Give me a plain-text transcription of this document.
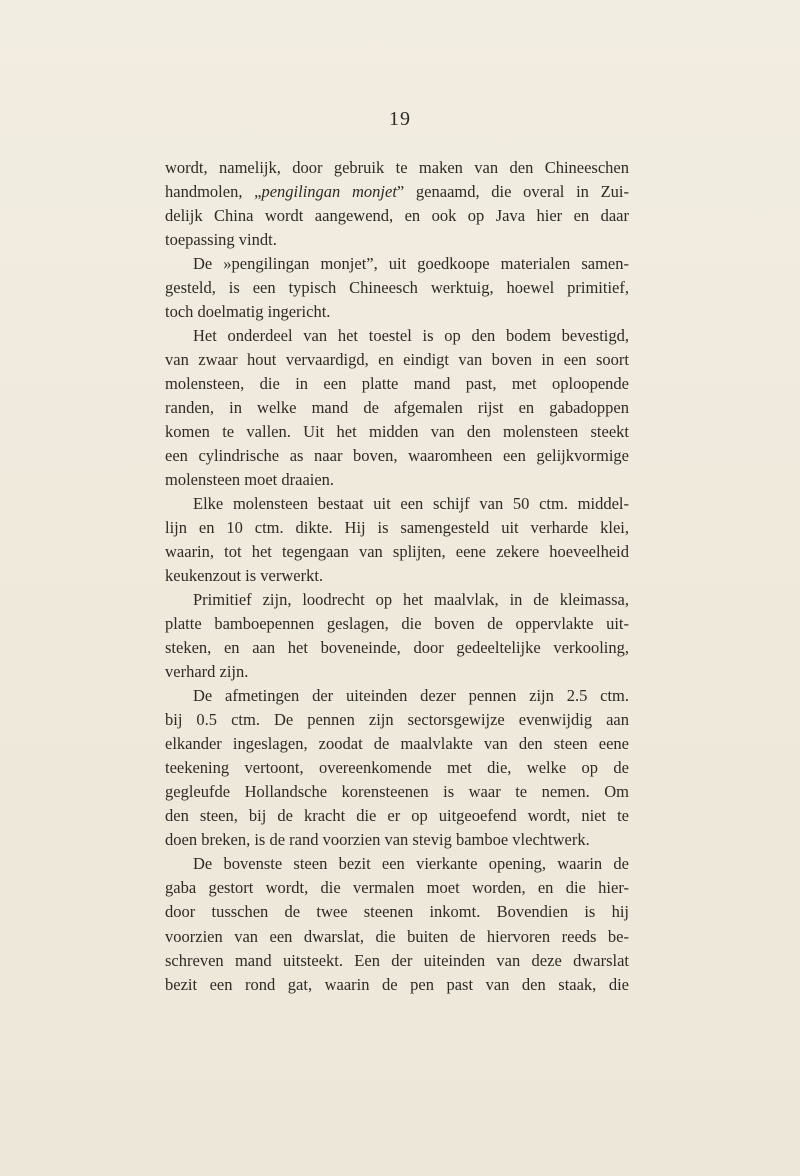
19
wordt, namelijk, door gebruik te maken van den Chineeschen
handmolen, „pengilingan monjet” genaamd, die overal in Zui-
delijk China wordt aangewend, en ook op Java hier en daar
toepassing vindt.
De »pengilingan monjet”, uit goedkoope materialen samen-
gesteld, is een typisch Chineesch werktuig, hoewel primitief,
toch doelmatig ingericht.
Het onderdeel van het toestel is op den bodem bevestigd,
van zwaar hout vervaardigd, en eindigt van boven in een soort
molensteen, die in een platte mand past, met oploopende
randen, in welke mand de afgemalen rijst en gabadoppen
komen te vallen. Uit het midden van den molensteen steekt
een cylindrische as naar boven, waaromheen een gelijkvormige
molensteen moet draaien.
Elke molensteen bestaat uit een schijf van 50 ctm. middel-
lijn en 10 ctm. dikte. Hij is samengesteld uit verharde klei,
waarin, tot het tegengaan van splijten, eene zekere hoeveelheid
keukenzout is verwerkt.
Primitief zijn, loodrecht op het maalvlak, in de kleimassa,
platte bamboepennen geslagen, die boven de oppervlakte uit-
steken, en aan het boveneinde, door gedeeltelijke verkooling,
verhard zijn.
De afmetingen der uiteinden dezer pennen zijn 2.5 ctm.
bij 0.5 ctm. De pennen zijn sectorsgewijze evenwijdig aan
elkander ingeslagen, zoodat de maalvlakte van den steen eene
teekening vertoont, overeenkomende met die, welke op de
gegleufde Hollandsche korensteenen is waar te nemen. Om
den steen, bij de kracht die er op uitgeoefend wordt, niet te
doen breken, is de rand voorzien van stevig bamboe vlechtwerk.
De bovenste steen bezit een vierkante opening, waarin de
gaba gestort wordt, die vermalen moet worden, en die hier-
door tusschen de twee steenen inkomt. Bovendien is hij
voorzien van een dwarslat, die buiten de hiervoren reeds be-
schreven mand uitsteekt. Een der uiteinden van deze dwarslat
bezit een rond gat, waarin de pen past van den staak, die
